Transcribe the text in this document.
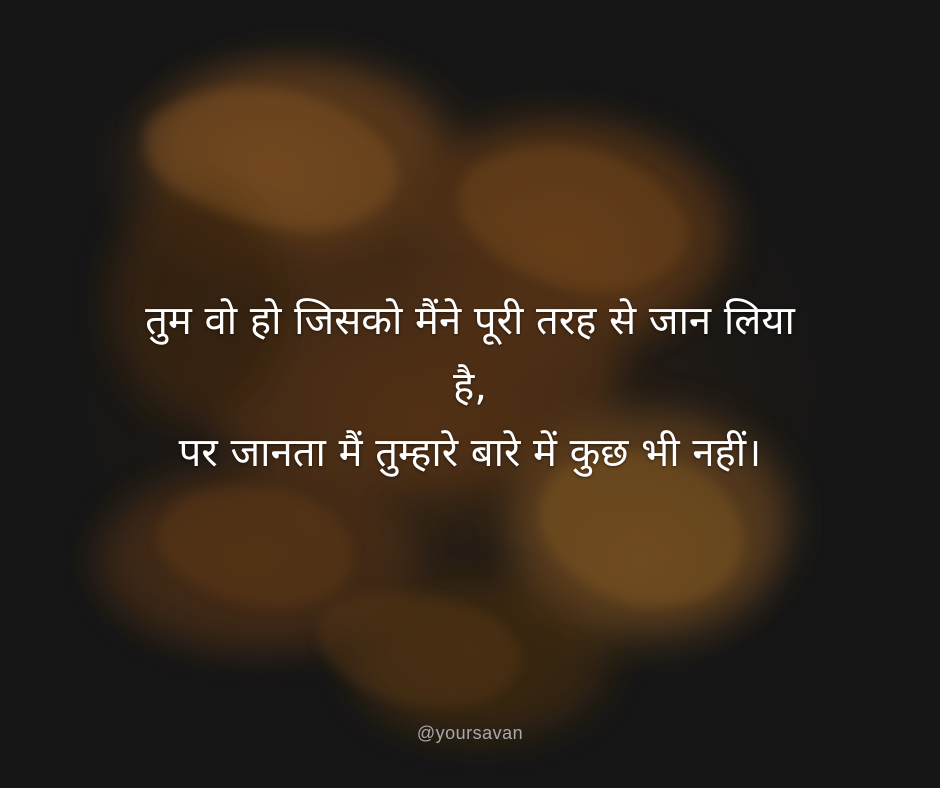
तुम वो हो जिसको मैंने पूरी तरह से जान लिया
है,
पर जानता मैं तुम्हारे बारे में कुछ भी नहीं।
@yoursavan
